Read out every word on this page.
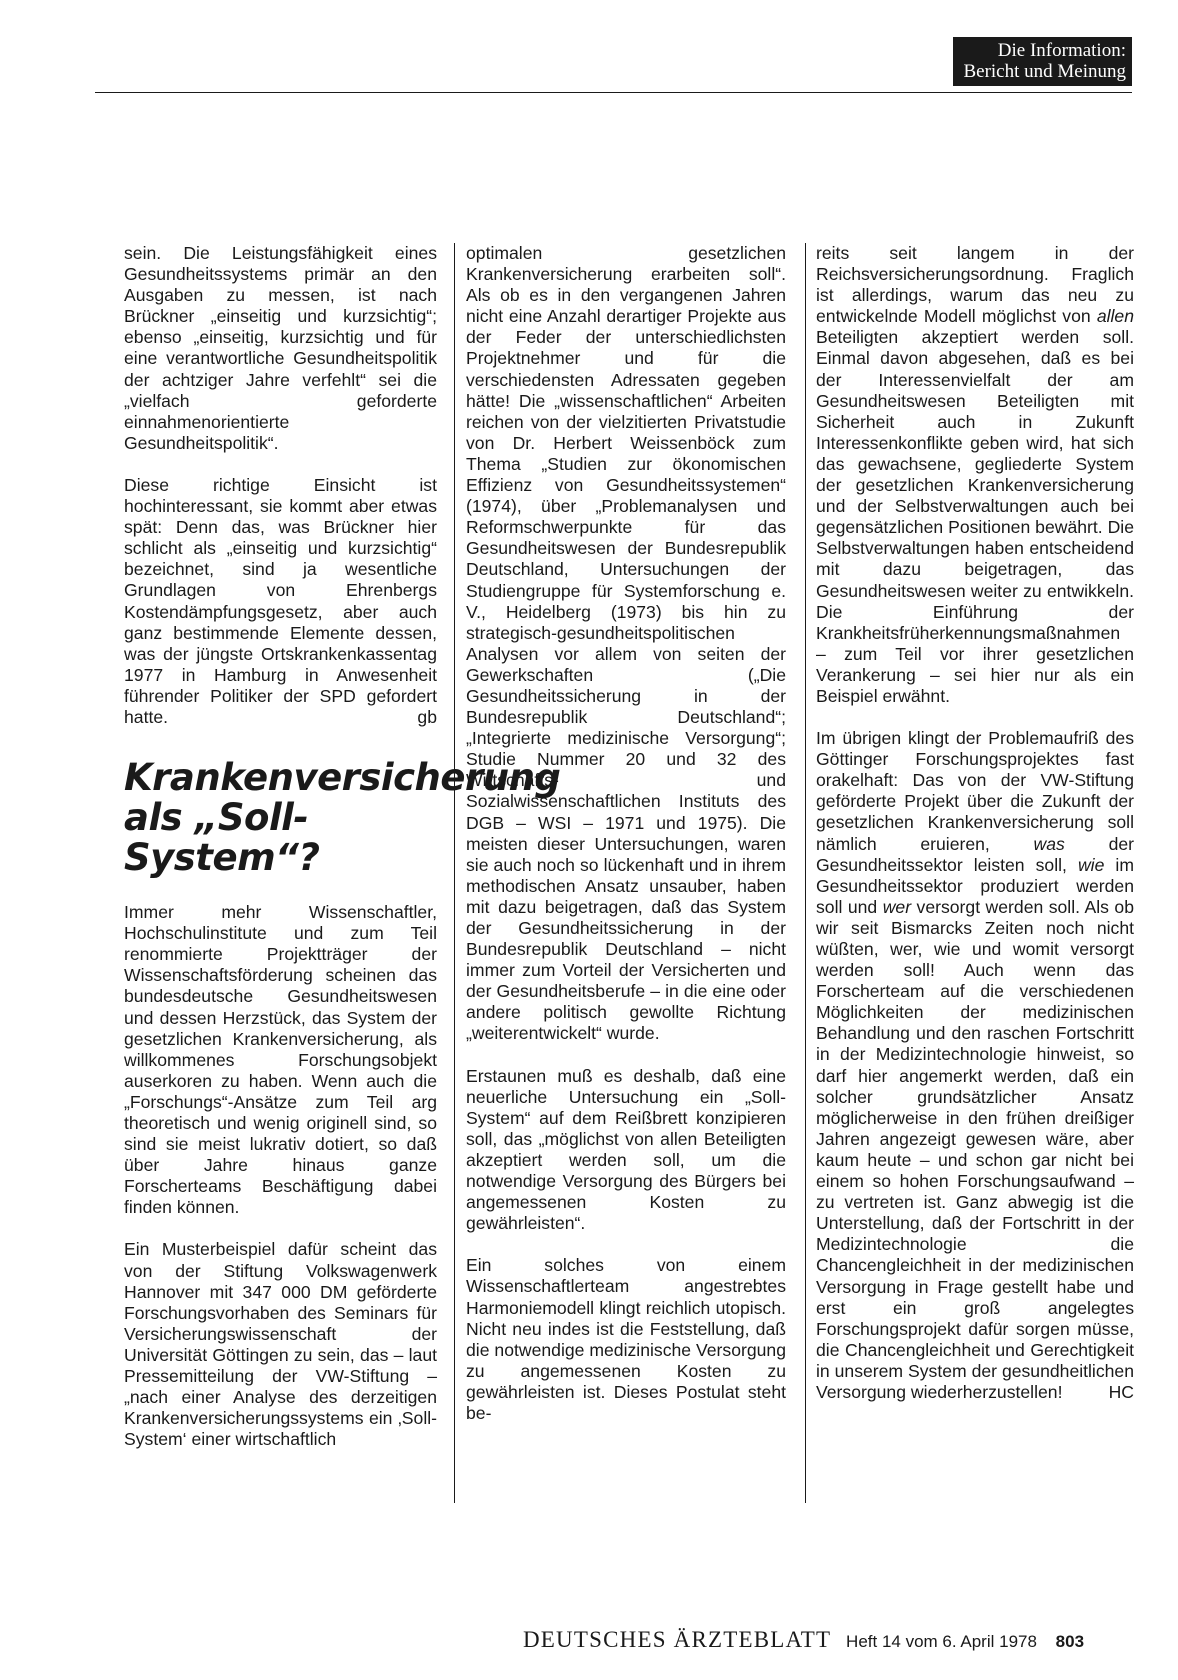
Die Information:
Bericht und Meinung

sein. Die Leistungsfähigkeit eines Gesundheitssystems primär an den Ausgaben zu messen, ist nach Brückner „einseitig und kurzsichtig“; ebenso „einseitig, kurzsichtig und für eine verantwortliche Gesundheitspolitik der achtziger Jahre verfehlt“ sei die „vielfach geforderte einnahmenorientierte Gesundheitspolitik“.

Diese richtige Einsicht ist hochinteressant, sie kommt aber etwas spät: Denn das, was Brückner hier schlicht als „einseitig und kurzsichtig“ bezeichnet, sind ja wesentliche Grundlagen von Ehrenbergs Kostendämpfungsgesetz, aber auch ganz bestimmende Elemente dessen, was der jüngste Ortskrankenkassentag 1977 in Hamburg in Anwesenheit führender Politiker der SPD gefordert hatte.	gb

Krankenversicherung als „Soll-System“?

Immer mehr Wissenschaftler, Hochschulinstitute und zum Teil renommierte Projektträger der Wissenschaftsförderung scheinen das bundesdeutsche Gesundheitswesen und dessen Herzstück, das System der gesetzlichen Krankenversicherung, als willkommenes Forschungsobjekt auserkoren zu haben. Wenn auch die „Forschungs“-Ansätze zum Teil arg theoretisch und wenig originell sind, so sind sie meist lukrativ dotiert, so daß über Jahre hinaus ganze Forscherteams Beschäftigung dabei finden können.

Ein Musterbeispiel dafür scheint das von der Stiftung Volkswagenwerk Hannover mit 347 000 DM geförderte Forschungsvorhaben des Seminars für Versicherungswissenschaft der Universität Göttingen zu sein, das – laut Pressemitteilung der VW-Stiftung – „nach einer Analyse des derzeitigen Krankenversicherungssystems ein ‚Soll-System‘ einer wirtschaftlich

optimalen gesetzlichen Krankenversicherung erarbeiten soll“. Als ob es in den vergangenen Jahren nicht eine Anzahl derartiger Projekte aus der Feder der unterschiedlichsten Projektnehmer und für die verschiedensten Adressaten gegeben hätte! Die „wissenschaftlichen“ Arbeiten reichen von der vielzitierten Privatstudie von Dr. Herbert Weissenböck zum Thema „Studien zur ökonomischen Effizienz von Gesundheitssystemen“ (1974), über „Problemanalysen und Reformschwerpunkte für das Gesundheitswesen der Bundesrepublik Deutschland, Untersuchungen der Studiengruppe für Systemforschung e. V., Heidelberg (1973) bis hin zu strategisch-gesundheitspolitischen Analysen vor allem von seiten der Gewerkschaften („Die Gesundheitssicherung in der Bundesrepublik Deutschland“; „Integrierte medizinische Versorgung“; Studie Nummer 20 und 32 des Wirtschafts- und Sozialwissenschaftlichen Instituts des DGB – WSI – 1971 und 1975). Die meisten dieser Untersuchungen, waren sie auch noch so lückenhaft und in ihrem methodischen Ansatz unsauber, haben mit dazu beigetragen, daß das System der Gesundheitssicherung in der Bundesrepublik Deutschland – nicht immer zum Vorteil der Versicherten und der Gesundheitsberufe – in die eine oder andere politisch gewollte Richtung „weiterentwickelt“ wurde.

Erstaunen muß es deshalb, daß eine neuerliche Untersuchung ein „Soll-System“ auf dem Reißbrett konzipieren soll, das „möglichst von allen Beteiligten akzeptiert werden soll, um die notwendige Versorgung des Bürgers bei angemessenen Kosten zu gewährleisten“.

Ein solches von einem Wissenschaftlerteam angestrebtes Harmoniemodell klingt reichlich utopisch. Nicht neu indes ist die Feststellung, daß die notwendige medizinische Versorgung zu angemessenen Kosten zu gewährleisten ist. Dieses Postulat steht be-

reits seit langem in der Reichsversicherungsordnung. Fraglich ist allerdings, warum das neu zu entwickelnde Modell möglichst von allen Beteiligten akzeptiert werden soll. Einmal davon abgesehen, daß es bei der Interessenvielfalt der am Gesundheitswesen Beteiligten mit Sicherheit auch in Zukunft Interessenkonflikte geben wird, hat sich das gewachsene, gegliederte System der gesetzlichen Krankenversicherung und der Selbstverwaltungen auch bei gegensätzlichen Positionen bewährt. Die Selbstverwaltungen haben entscheidend mit dazu beigetragen, das Gesundheitswesen weiter zu entwikkeln. Die Einführung der Krankheitsfrüherkennungsmaßnahmen – zum Teil vor ihrer gesetzlichen Verankerung – sei hier nur als ein Beispiel erwähnt.

Im übrigen klingt der Problemaufriß des Göttinger Forschungsprojektes fast orakelhaft: Das von der VW-Stiftung geförderte Projekt über die Zukunft der gesetzlichen Krankenversicherung soll nämlich eruieren, was der Gesundheitssektor leisten soll, wie im Gesundheitssektor produziert werden soll und wer versorgt werden soll. Als ob wir seit Bismarcks Zeiten noch nicht wüßten, wer, wie und womit versorgt werden soll! Auch wenn das Forscherteam auf die verschiedenen Möglichkeiten der medizinischen Behandlung und den raschen Fortschritt in der Medizintechnologie hinweist, so darf hier angemerkt werden, daß ein solcher grundsätzlicher Ansatz möglicherweise in den frühen dreißiger Jahren angezeigt gewesen wäre, aber kaum heute – und schon gar nicht bei einem so hohen Forschungsaufwand – zu vertreten ist. Ganz abwegig ist die Unterstellung, daß der Fortschritt in der Medizintechnologie die Chancengleichheit in der medizinischen Versorgung in Frage gestellt habe und erst ein groß angelegtes Forschungsprojekt dafür sorgen müsse, die Chancengleichheit und Gerechtigkeit in unserem System der gesundheitlichen Versorgung wiederherzustellen!	HC

DEUTSCHES ÄRZTEBLATT Heft 14 vom 6. April 1978 803
